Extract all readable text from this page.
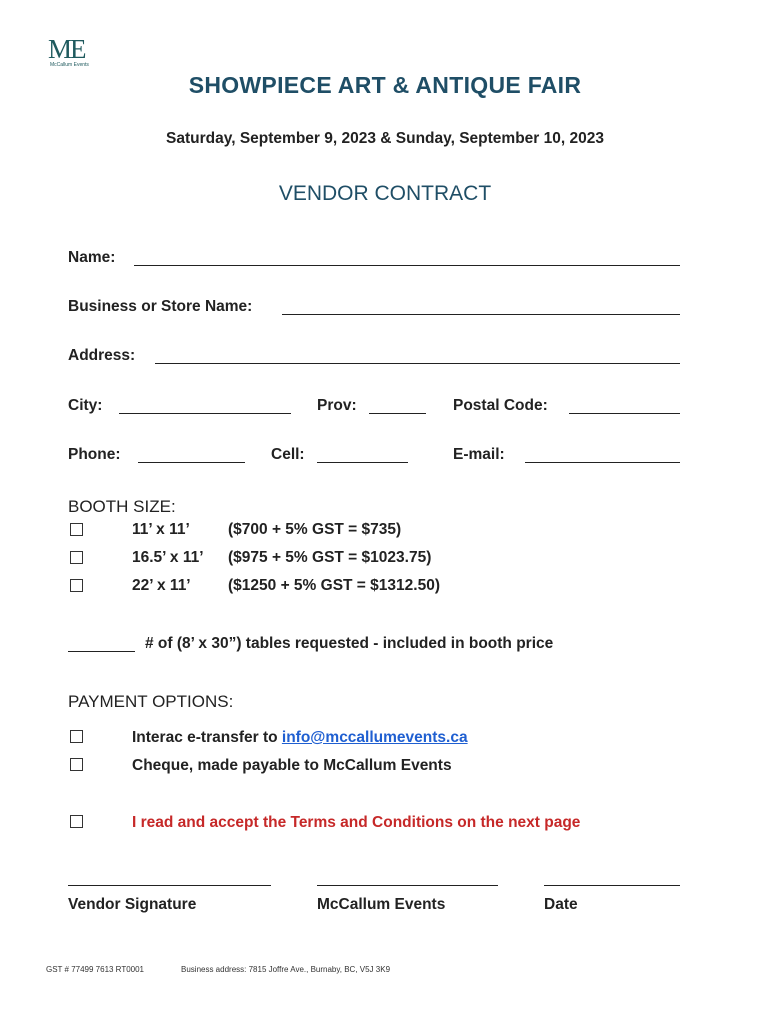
ME
McCallum Events
SHOWPIECE ART & ANTIQUE FAIR
Saturday, September 9, 2023 & Sunday, September 10, 2023
VENDOR CONTRACT
Name:
Business or Store Name:
Address:
City:	Prov:	Postal Code:
Phone:	Cell:	E-mail:
BOOTH SIZE:
11’ x 11’ ($700 + 5% GST = $735)
16.5’ x 11’ ($975 + 5% GST = $1023.75)
22’ x 11’ ($1250 + 5% GST = $1312.50)
# of (8’ x 30”) tables requested - included in booth price
PAYMENT OPTIONS:
Interac e-transfer to info@mccallumevents.ca
Cheque, made payable to McCallum Events
I read and accept the Terms and Conditions on the next page
Vendor Signature	McCallum Events	Date
GST # 77499 7613 RT0001	Business address: 7815 Joffre Ave., Burnaby, BC, V5J 3K9
